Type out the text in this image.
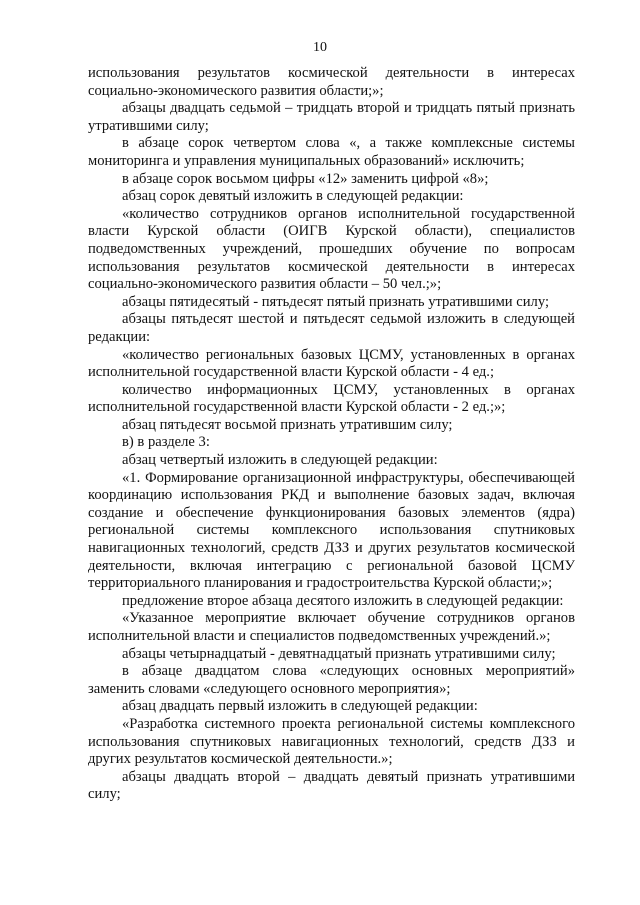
10

использования результатов космической деятельности в интересах социально-экономического развития области;»;

абзацы двадцать седьмой – тридцать второй и тридцать пятый признать утратившими силу;

в абзаце сорок четвертом слова «, а также комплексные системы мониторинга и управления муниципальных образований» исключить;

в абзаце сорок восьмом цифры «12» заменить цифрой «8»;

абзац сорок девятый изложить в следующей редакции:

«количество сотрудников органов исполнительной государственной власти Курской области (ОИГВ Курской области), специалистов подведомственных учреждений, прошедших обучение по вопросам использования результатов космической деятельности в интересах социально-экономического развития области – 50 чел.;»;

абзацы пятидесятый - пятьдесят пятый признать утратившими силу;

абзацы пятьдесят шестой и пятьдесят седьмой изложить в следующей редакции:

«количество региональных базовых ЦСМУ, установленных в органах исполнительной государственной власти Курской области - 4 ед.;

количество информационных ЦСМУ, установленных в органах исполнительной государственной власти Курской области - 2 ед.;»;

абзац пятьдесят восьмой признать утратившим силу;

в) в разделе 3:

абзац четвертый изложить в следующей редакции:

«1. Формирование организационной инфраструктуры, обеспечивающей координацию использования РКД и выполнение базовых задач, включая создание и обеспечение функционирования базовых элементов (ядра) региональной системы комплексного использования спутниковых навигационных технологий, средств ДЗЗ и других результатов космической деятельности, включая интеграцию с региональной базовой ЦСМУ территориального планирования и градостроительства Курской области;»;

предложение второе абзаца десятого изложить в следующей редакции:

«Указанное мероприятие включает обучение сотрудников органов исполнительной власти и специалистов подведомственных учреждений.»;

абзацы четырнадцатый - девятнадцатый признать утратившими силу;

в абзаце двадцатом слова «следующих основных мероприятий» заменить словами «следующего основного мероприятия»;

абзац двадцать первый изложить в следующей редакции:

«Разработка системного проекта региональной системы комплексного использования спутниковых навигационных технологий, средств ДЗЗ и других результатов космической деятельности.»;

абзацы двадцать второй – двадцать девятый признать утратившими силу;
